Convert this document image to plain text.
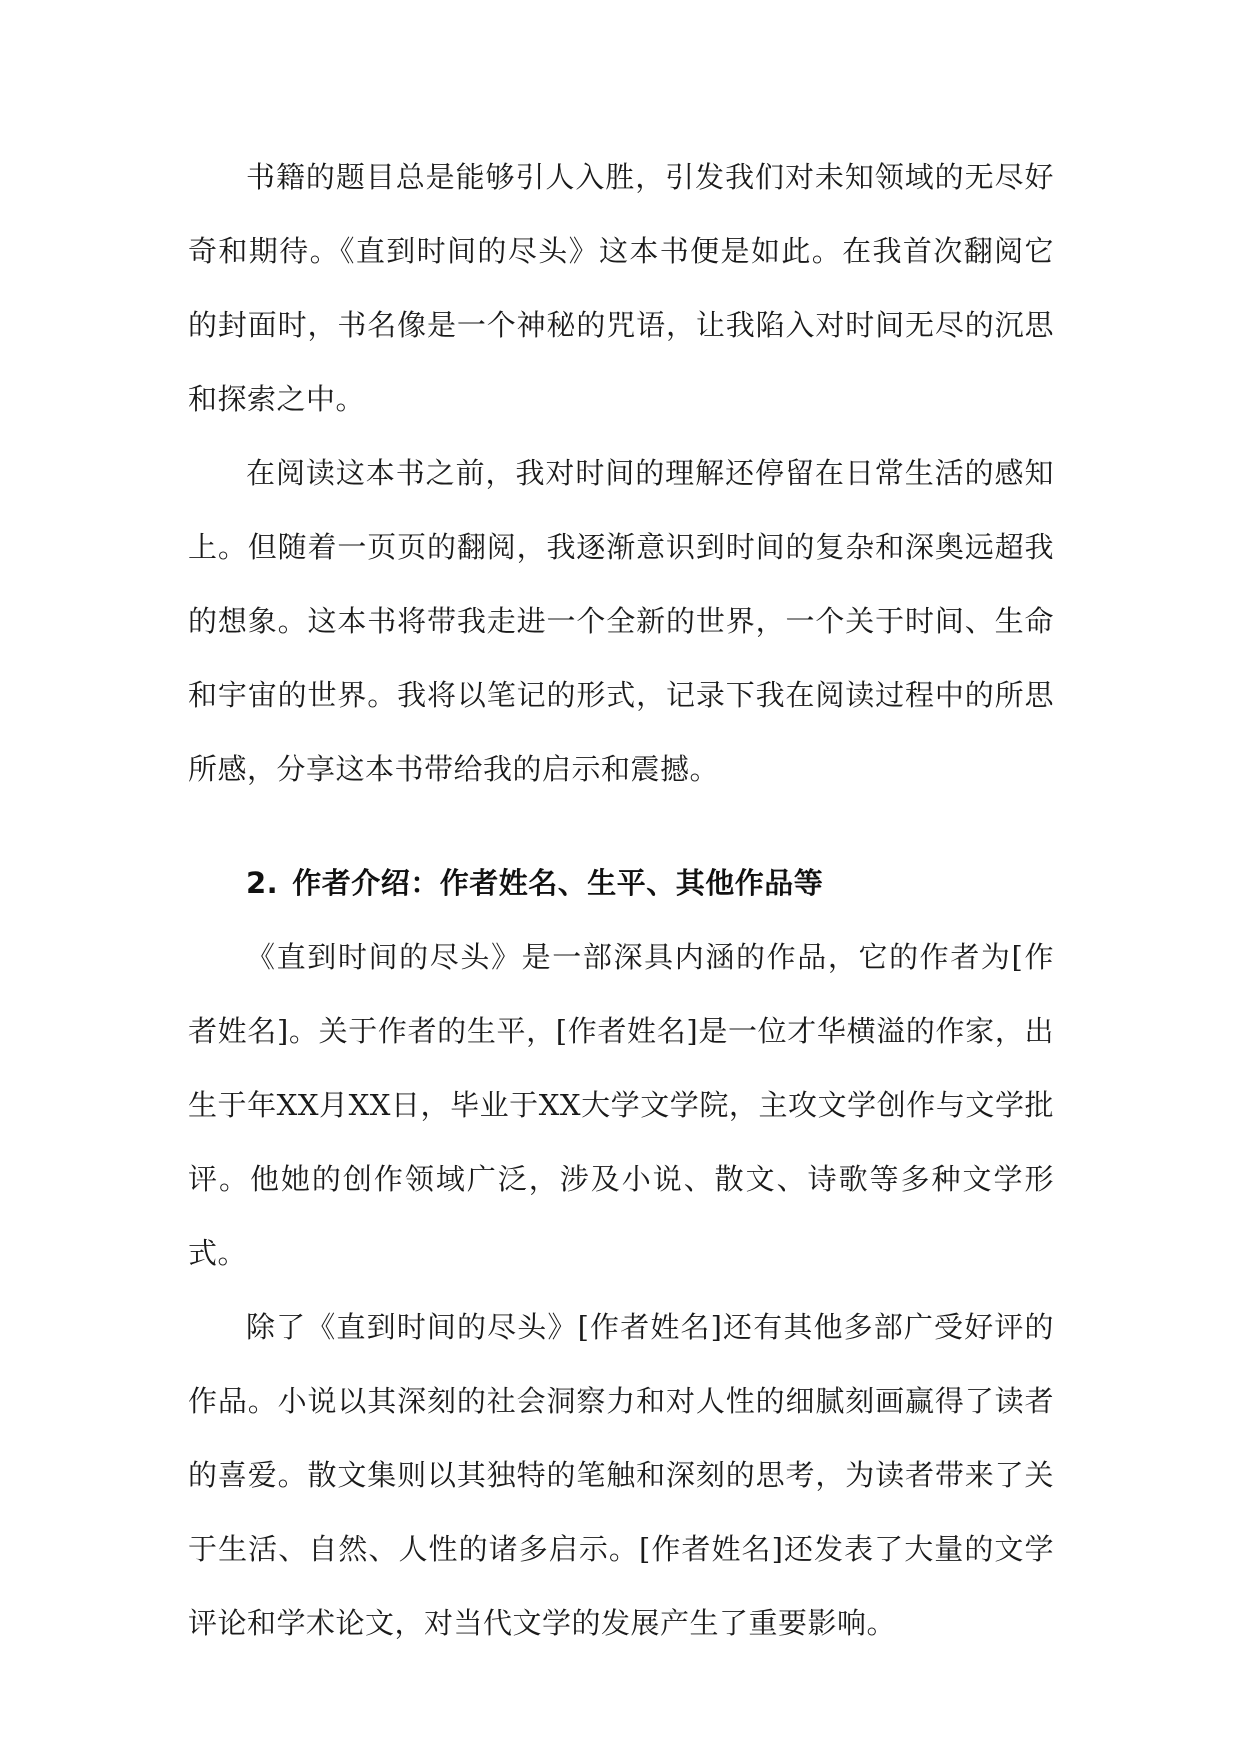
书籍的题目总是能够引人入胜，引发我们对未知领域的无尽好奇和期待。《直到时间的尽头》这本书便是如此。在我首次翻阅它的封面时，书名像是一个神秘的咒语，让我陷入对时间无尽的沉思和探索之中。

在阅读这本书之前，我对时间的理解还停留在日常生活的感知上。但随着一页页的翻阅，我逐渐意识到时间的复杂和深奥远超我的想象。这本书将带我走进一个全新的世界，一个关于时间、生命和宇宙的世界。我将以笔记的形式，记录下我在阅读过程中的所思所感，分享这本书带给我的启示和震撼。

2. 作者介绍：作者姓名、生平、其他作品等

《直到时间的尽头》是一部深具内涵的作品，它的作者为[作者姓名]。关于作者的生平，[作者姓名]是一位才华横溢的作家，出生于年XX月XX日，毕业于XX大学文学院，主攻文学创作与文学批评。他她的创作领域广泛，涉及小说、散文、诗歌等多种文学形式。

除了《直到时间的尽头》[作者姓名]还有其他多部广受好评的作品。小说以其深刻的社会洞察力和对人性的细腻刻画赢得了读者的喜爱。散文集则以其独特的笔触和深刻的思考，为读者带来了关于生活、自然、人性的诸多启示。[作者姓名]还发表了大量的文学评论和学术论文，对当代文学的发展产生了重要影响。
